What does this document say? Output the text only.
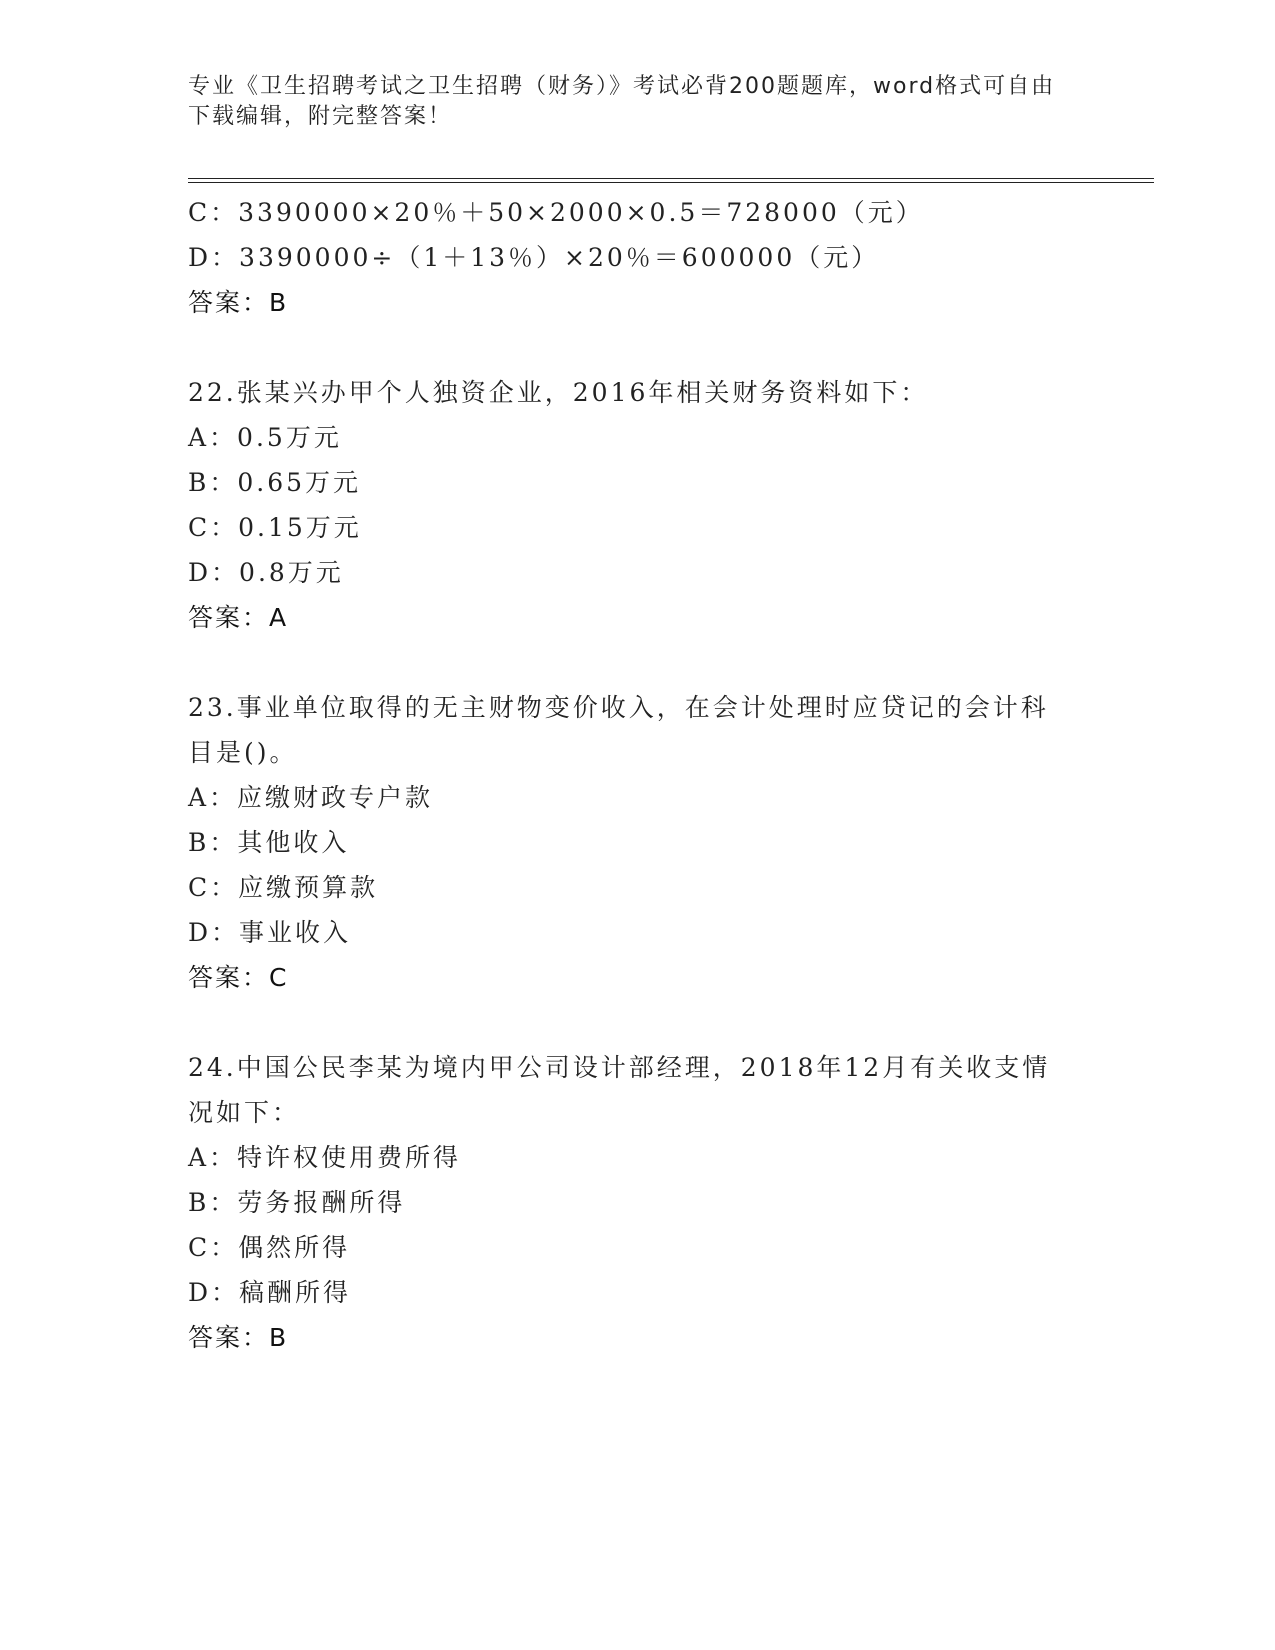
专业《卫生招聘考试之卫生招聘（财务）》考试必背200题题库，word格式可自由下载编辑，附完整答案！
C：3390000×20％＋50×2000×0.5＝728000（元）
D：3390000÷（1＋13％）×20％＝600000（元）
答案：B
22.张某兴办甲个人独资企业，2016年相关财务资料如下：
A：0.5万元
B：0.65万元
C：0.15万元
D：0.8万元
答案：A
23.事业单位取得的无主财物变价收入，在会计处理时应贷记的会计科目是()。
A：应缴财政专户款
B：其他收入
C：应缴预算款
D：事业收入
答案：C
24.中国公民李某为境内甲公司设计部经理，2018年12月有关收支情况如下：
A：特许权使用费所得
B：劳务报酬所得
C：偶然所得
D：稿酬所得
答案：B
